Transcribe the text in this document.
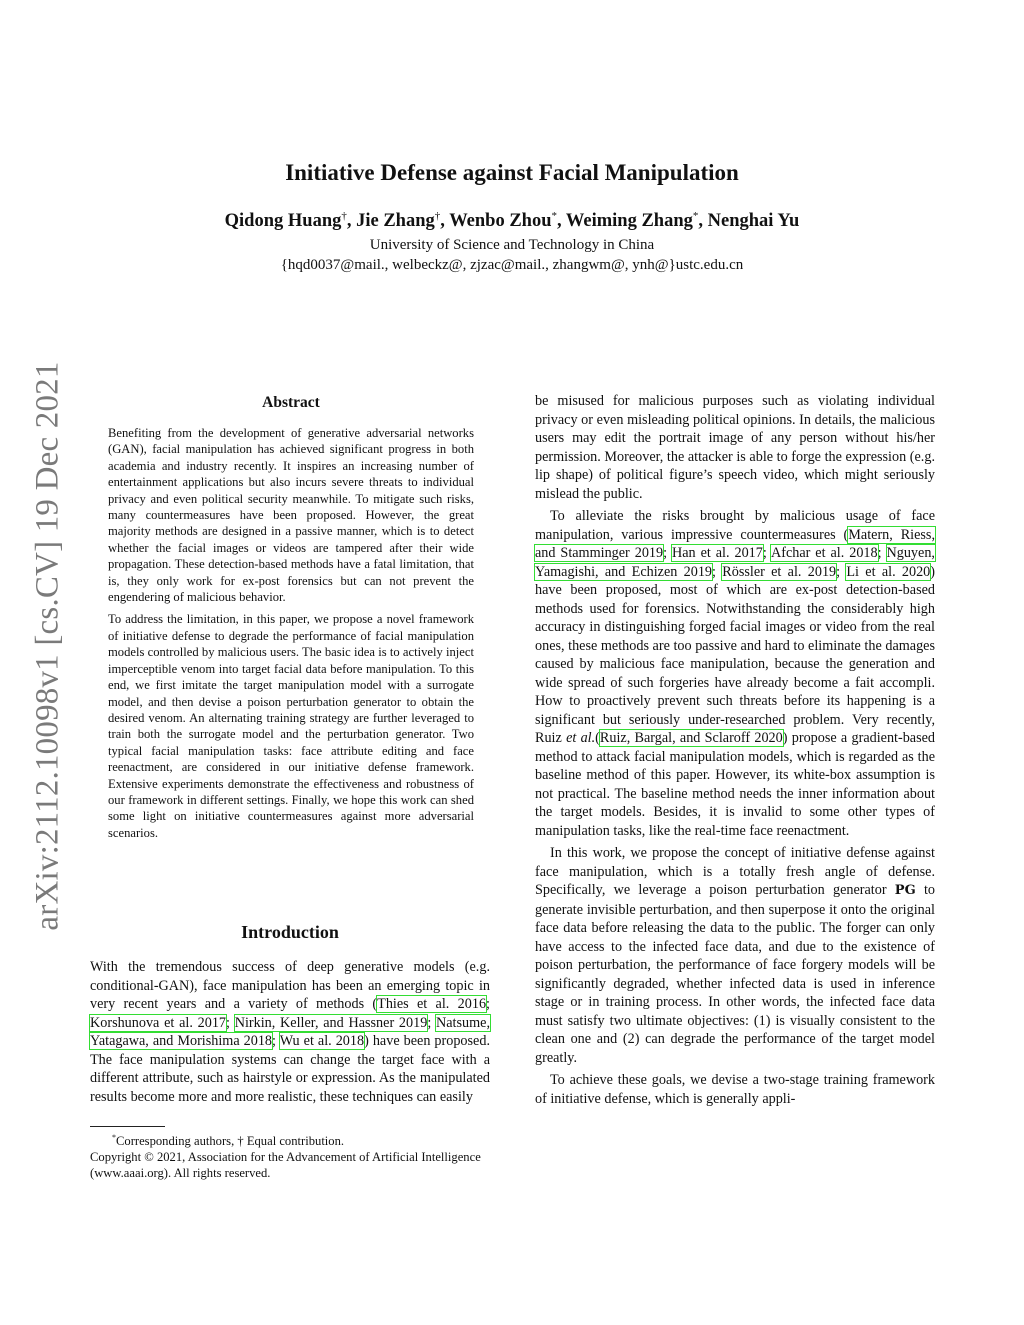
arXiv:2112.10098v1 [cs.CV] 19 Dec 2021
Initiative Defense against Facial Manipulation
Qidong Huang†, Jie Zhang†, Wenbo Zhou*, Weiming Zhang*, Nenghai Yu
University of Science and Technology in China
{hqd0037@mail., welbeckz@, zjzac@mail., zhangwm@, ynh@}ustc.edu.cn
Abstract

Benefiting from the development of generative adversarial networks (GAN), facial manipulation has achieved significant progress in both academia and industry recently. It inspires an increasing number of entertainment applications but also incurs severe threats to individual privacy and even political security meanwhile. To mitigate such risks, many countermeasures have been proposed. However, the great majority methods are designed in a passive manner, which is to detect whether the facial images or videos are tampered after their wide propagation. These detection-based methods have a fatal limitation, that is, they only work for ex-post forensics but can not prevent the engendering of malicious behavior.

To address the limitation, in this paper, we propose a novel framework of initiative defense to degrade the performance of facial manipulation models controlled by malicious users. The basic idea is to actively inject imperceptible venom into target facial data before manipulation. To this end, we first imitate the target manipulation model with a surrogate model, and then devise a poison perturbation generator to obtain the desired venom. An alternating training strategy are further leveraged to train both the surrogate model and the perturbation generator. Two typical facial manipulation tasks: face attribute editing and face reenactment, are considered in our initiative defense framework. Extensive experiments demonstrate the effectiveness and robustness of our framework in different settings. Finally, we hope this work can shed some light on initiative countermeasures against more adversarial scenarios.

Introduction

With the tremendous success of deep generative models (e.g. conditional-GAN), face manipulation has been an emerging topic in very recent years and a variety of methods (Thies et al. 2016; Korshunova et al. 2017; Nirkin, Keller, and Hassner 2019; Natsume, Yatagawa, and Morishima 2018; Wu et al. 2018) have been proposed. The face manipulation systems can change the target face with a different attribute, such as hairstyle or expression. As the manipulated results become more and more realistic, these techniques can easily

be misused for malicious purposes such as violating individual privacy or even misleading political opinions. In details, the malicious users may edit the portrait image of any person without his/her permission. Moreover, the attacker is able to forge the expression (e.g. lip shape) of political figure’s speech video, which might seriously mislead the public.

To alleviate the risks brought by malicious usage of face manipulation, various impressive countermeasures (Matern, Riess, and Stamminger 2019; Han et al. 2017; Afchar et al. 2018; Nguyen, Yamagishi, and Echizen 2019; Rössler et al. 2019; Li et al. 2020) have been proposed, most of which are ex-post detection-based methods used for forensics. Notwithstanding the considerably high accuracy in distinguishing forged facial images or video from the real ones, these methods are too passive and hard to eliminate the damages caused by malicious face manipulation, because the generation and wide spread of such forgeries have already become a fait accompli. How to proactively prevent such threats before its happening is a significant but seriously under-researched problem. Very recently, Ruiz et al.(Ruiz, Bargal, and Sclaroff 2020) propose a gradient-based method to attack facial manipulation models, which is regarded as the baseline method of this paper. However, its white-box assumption is not practical. The baseline method needs the inner information about the target models. Besides, it is invalid to some other types of manipulation tasks, like the real-time face reenactment.

In this work, we propose the concept of initiative defense against face manipulation, which is a totally fresh angle of defense. Specifically, we leverage a poison perturbation generator PG to generate invisible perturbation, and then superpose it onto the original face data before releasing the data to the public. The forger can only have access to the infected face data, and due to the existence of poison perturbation, the performance of face forgery models will be significantly degraded, whether infected data is used in inference stage or in training process. In other words, the infected face data must satisfy two ultimate objectives: (1) is visually consistent to the clean one and (2) can degrade the performance of the target model greatly.

To achieve these goals, we devise a two-stage training framework of initiative defense, which is generally appli-

*Corresponding authors, † Equal contribution.

Copyright © 2021, Association for the Advancement of Artificial Intelligence (www.aaai.org). All rights reserved.
